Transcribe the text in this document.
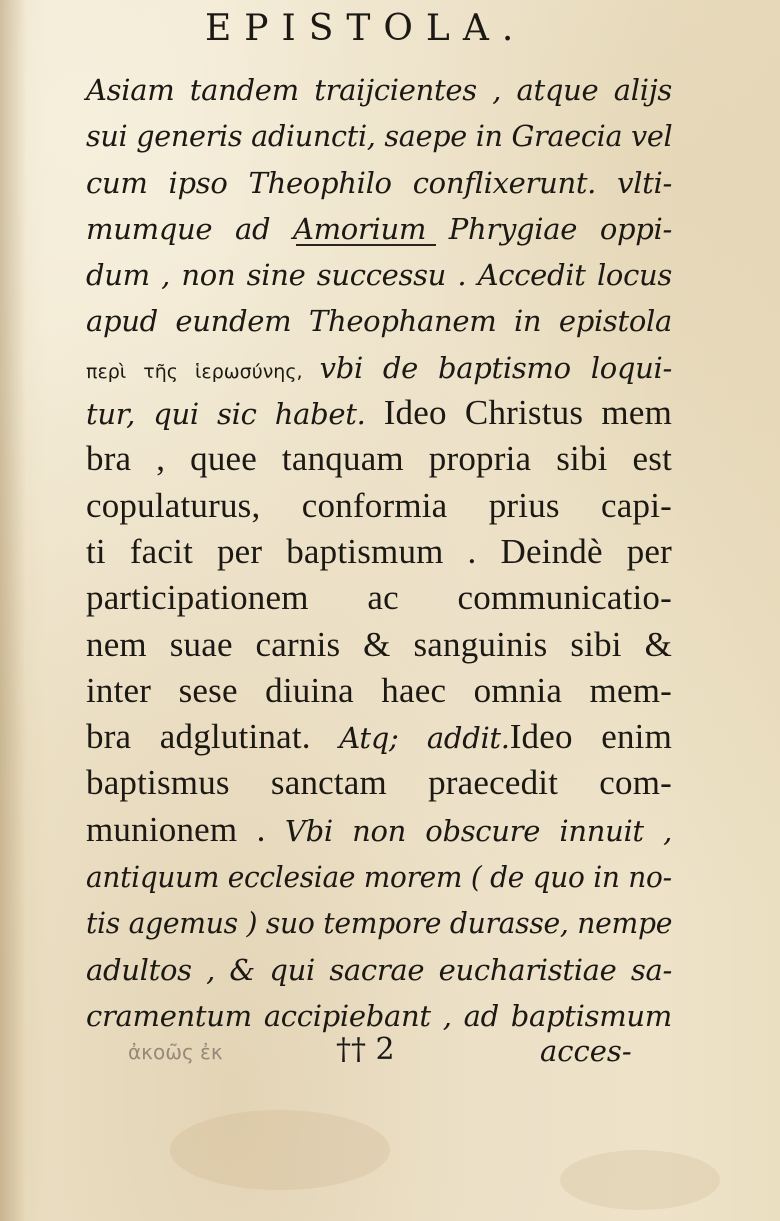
EPISTOLA.
Asiam tandem traijcientes , atque alijs
sui generis adiuncti, saepe in Graecia vel
cum ipso Theophilo conflixerunt. vlti-
mumque ad Amorium Phrygiae oppi-
dum , non sine successu . Accedit locus
apud eundem Theophanem in epistola
περὶ τῆς ἱερωσύνης, vbi de baptismo loqui-
tur, qui sic habet. Ideo Christus mem
bra , quee tanquam propria sibi est
copulaturus, conformia prius capi-
ti facit per baptismum . Deindè per
participationem ac communicatio-
nem suae carnis & sanguinis sibi &
inter sese diuina haec omnia mem-
bra adglutinat. Atq; addit.Ideo enim
baptismus sanctam praecedit com-
munionem . Vbi non obscure innuit ,
antiquum ecclesiae morem ( de quo in no-
tis agemus ) suo tempore durasse, nempe
adultos , & qui sacrae eucharistiae sa-
cramentum accipiebant , ad baptismum
ἀκοῶς ἐκ	†† 2	acces-
